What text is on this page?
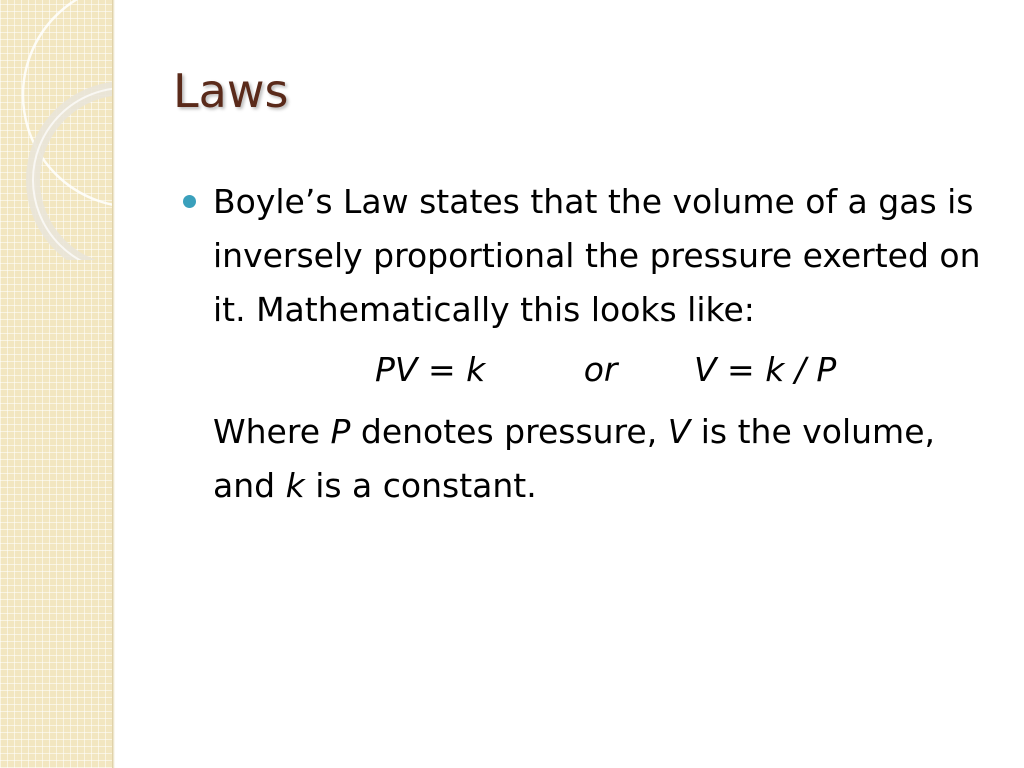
Laws

Boyle’s Law states that the volume of a gas is inversely proportional the pressure exerted on it. Mathematically this looks like:

PV = k	or V = k / P

Where P denotes pressure, V is the volume, and k is a constant.
